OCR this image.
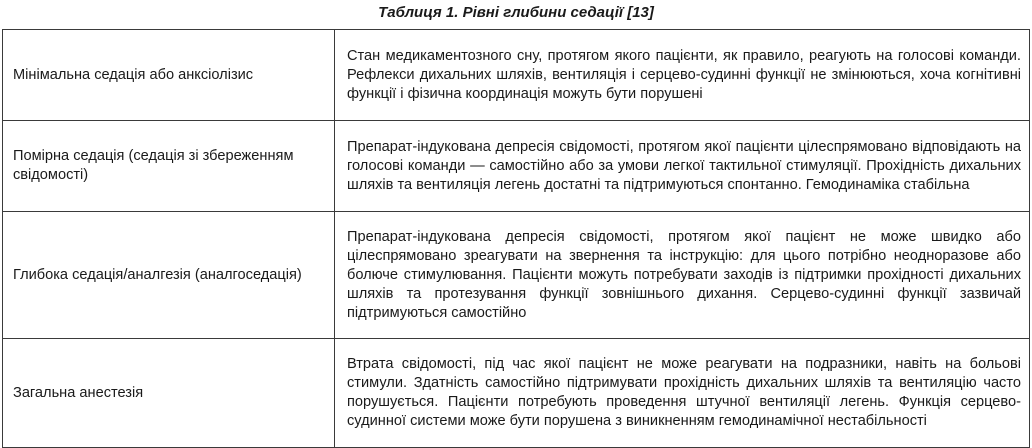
Таблиця 1. Рівні глибини седації [13]
Мінімальна седація або анксіолізис	Стан медикаментозного сну, протягом якого пацієнти, як правило, реагують на голосові команди. Рефлекси дихальних шляхів, вентиляція і серцево-судинні функції не змінюються, хоча когнітивні функції і фізична координація можуть бути порушені
Помірна седація (седація зі збереженням свідомості)	Препарат-індукована депресія свідомості, протягом якої пацієнти цілеспрямовано відповідають на голосові команди — самостійно або за умови легкої тактильної стимуляції. Прохідність дихальних шляхів та вентиляція легень достатні та підтримуються спонтанно. Гемодинаміка стабільна
Глибока седація/аналгезія (аналгоседація)	Препарат-індукована депресія свідомості, протягом якої пацієнт не може швидко або цілеспрямовано зреагувати на звернення та інструкцію: для цього потрібно неодноразове або болюче стимулювання. Пацієнти можуть потребувати заходів із підтримки прохідності дихальних шляхів та протезування функції зовнішнього дихання. Серцево-судинні функції зазвичай підтримуються самостійно
Загальна анестезія	Втрата свідомості, під час якої пацієнт не може реагувати на подразники, навіть на больові стимули. Здатність самостійно підтримувати прохідність дихальних шляхів та вентиляцію часто порушується. Пацієнти потребують проведення штучної вентиляції легень. Функція серцево-судинної системи може бути порушена з виникненням гемодинамічної нестабільності
